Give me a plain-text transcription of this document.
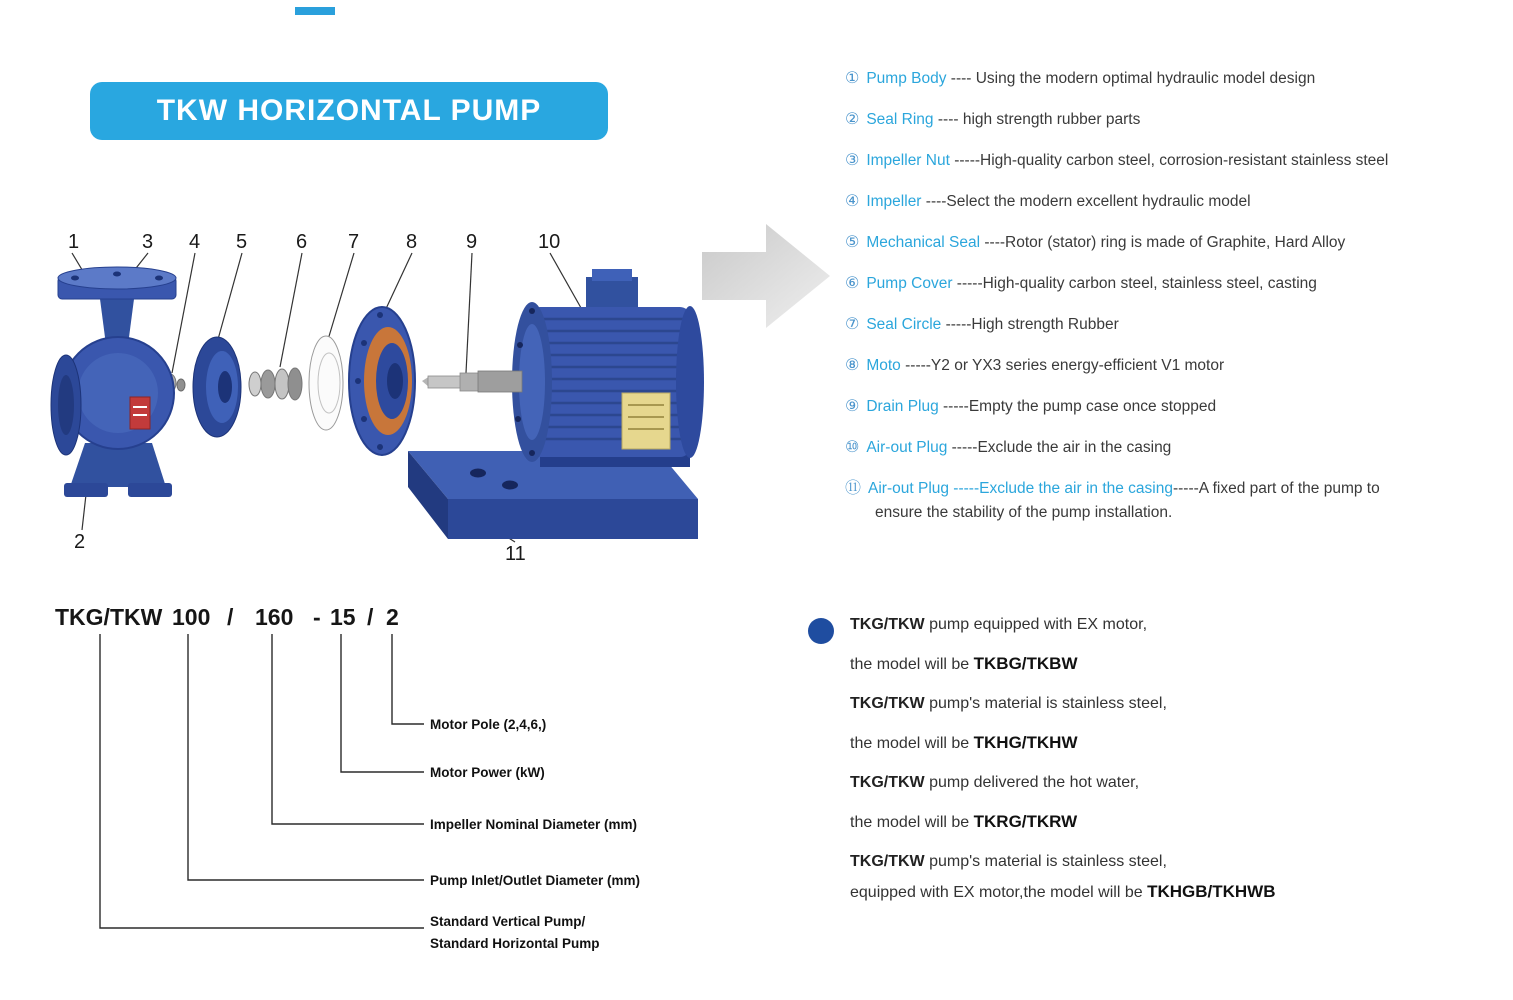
TKW HORIZONTAL PUMP
1	3 4 5 6 7 8 9	10
2
11
① Pump Body ---- Using the modern optimal hydraulic model design
② Seal Ring ---- high strength rubber parts
③ Impeller Nut -----High-quality carbon steel, corrosion-resistant stainless steel
④ Impeller ----Select the modern excellent hydraulic model
⑤ Mechanical Seal ----Rotor (stator) ring is made of Graphite, Hard Alloy
⑥ Pump Cover -----High-quality carbon steel, stainless steel, casting
⑦ Seal Circle -----High strength Rubber
⑧ Moto -----Y2 or YX3 series energy-efficient V1 motor
⑨ Drain Plug -----Empty the pump case once stopped
⑩ Air-out Plug -----Exclude the air in the casing
⑪ Air-out Plug -----Exclude the air in the casing-----A fixed part of the pump to
ensure the stability of the pump installation.
TKG/TKW 100 / 160 - 15 / 2
Motor Pole (2,4,6,)
Motor Power (kW)
Impeller Nominal Diameter (mm)
Pump Inlet/Outlet Diameter (mm)
Standard Vertical Pump/
Standard Horizontal Pump

TKG/TKW pump equipped with EX motor,

the model will be TKBG/TKBW

TKG/TKW pump's material is stainless steel,

the model will be TKHG/TKHW

TKG/TKW pump delivered the hot water,

the model will be TKRG/TKRW

TKG/TKW pump's material is stainless steel,

equipped with EX motor,the model will be TKHGB/TKHWB
